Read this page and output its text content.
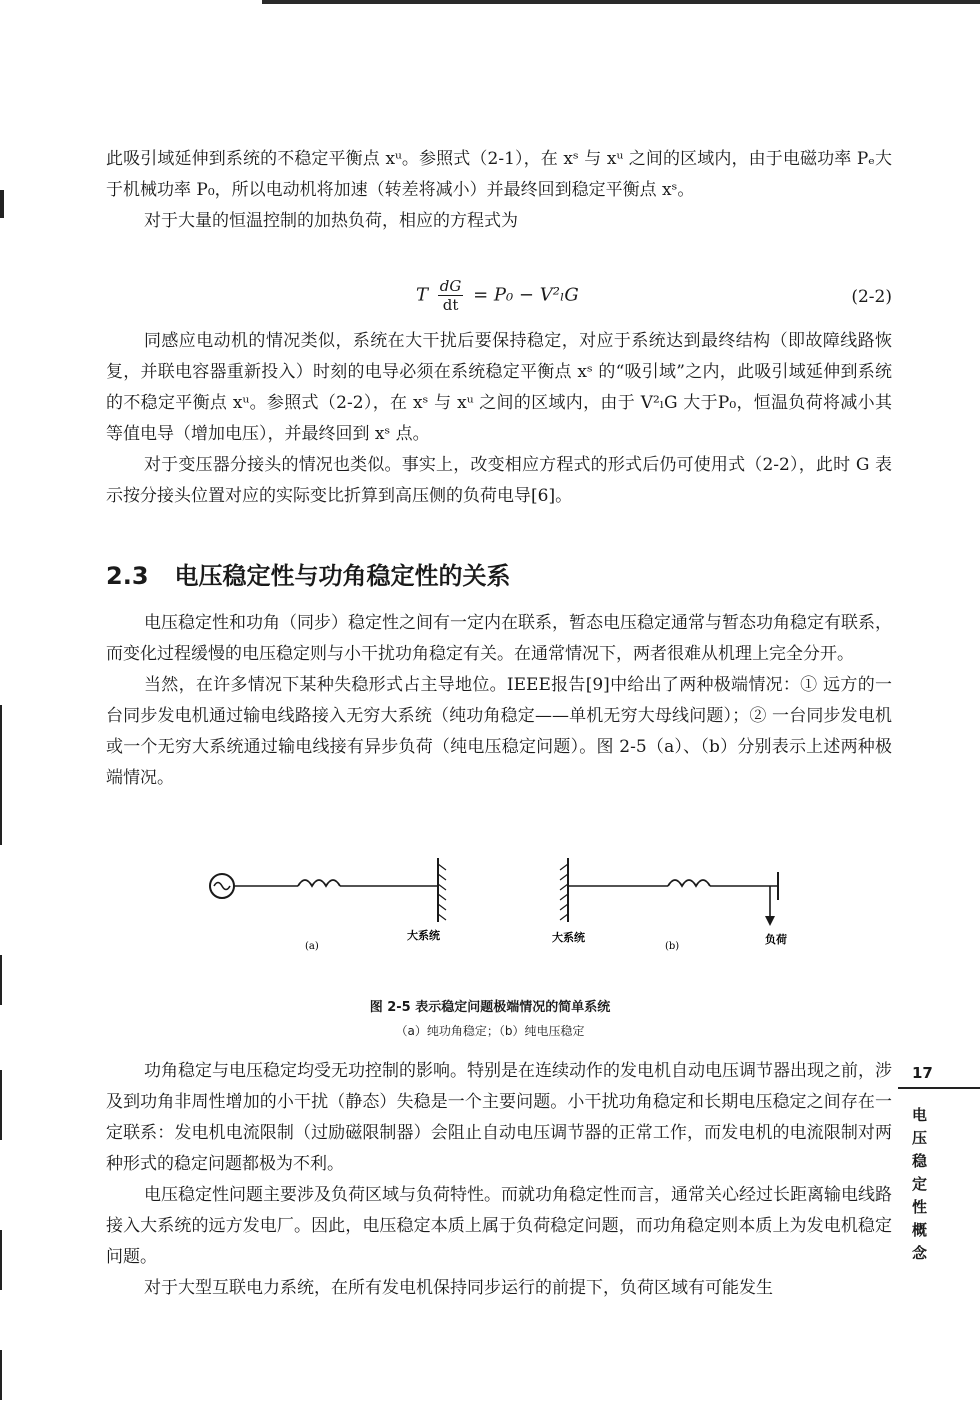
此吸引域延伸到系统的不稳定平衡点 xᵘ。参照式（2-1），在 xˢ 与 xᵘ 之间的区域内，由于电磁功率 Pₑ大于机械功率 P₀，所以电动机将加速（转差将减小）并最终回到稳定平衡点 xˢ。

对于大量的恒温控制的加热负荷，相应的方程式为

T $\frac{dG}{dt} = P_0 - V^2_lG$	(2-2)

同感应电动机的情况类似，系统在大干扰后要保持稳定，对应于系统达到最终结构（即故障线路恢复，并联电容器重新投入）时刻的电导必须在系统稳定平衡点 xˢ 的“吸引域”之内，此吸引域延伸到系统的不稳定平衡点 xᵘ。参照式（2-2），在 xˢ 与 xᵘ 之间的区域内，由于 V²ₗG 大于P₀，恒温负荷将减小其等值电导（增加电压），并最终回到 xˢ 点。

对于变压器分接头的情况也类似。事实上，改变相应方程式的形式后仍可使用式（2-2），此时 G 表示按分接头位置对应的实际变比折算到高压侧的负荷电导[6]。

2.3 电压稳定性与功角稳定性的关系

电压稳定性和功角（同步）稳定性之间有一定内在联系，暂态电压稳定通常与暂态功角稳定有联系，而变化过程缓慢的电压稳定则与小干扰功角稳定有关。在通常情况下，两者很难从机理上完全分开。

当然，在许多情况下某种失稳形式占主导地位。IEEE报告[9]中给出了两种极端情况：① 远方的一台同步发电机通过输电线路接入无穷大系统（纯功角稳定——单机无穷大母线问题）；② 一台同步发电机或一个无穷大系统通过输电线接有异步负荷（纯电压稳定问题）。图 2-5（a）、（b）分别表示上述两种极端情况。

大系统
(a)
大系统
(b)
负荷
图 2-5 表示稳定问题极端情况的简单系统
（a）纯功角稳定；（b）纯电压稳定

功角稳定与电压稳定均受无功控制的影响。特别是在连续动作的发电机自动电压调节器出现之前，涉及到功角非周性增加的小干扰（静态）失稳是一个主要问题。小干扰功角稳定和长期电压稳定之间存在一定联系：发电机电流限制（过励磁限制器）会阻止自动电压调节器的正常工作，而发电机的电流限制对两种形式的稳定问题都极为不利。

电压稳定性问题主要涉及负荷区域与负荷特性。而就功角稳定性而言，通常关心经过长距离输电线路接入大系统的远方发电厂。因此，电压稳定本质上属于负荷稳定问题，而功角稳定则本质上为发电机稳定问题。

对于大型互联电力系统，在所有发电机保持同步运行的前提下，负荷区域有可能发生

17
电压稳定性概念
